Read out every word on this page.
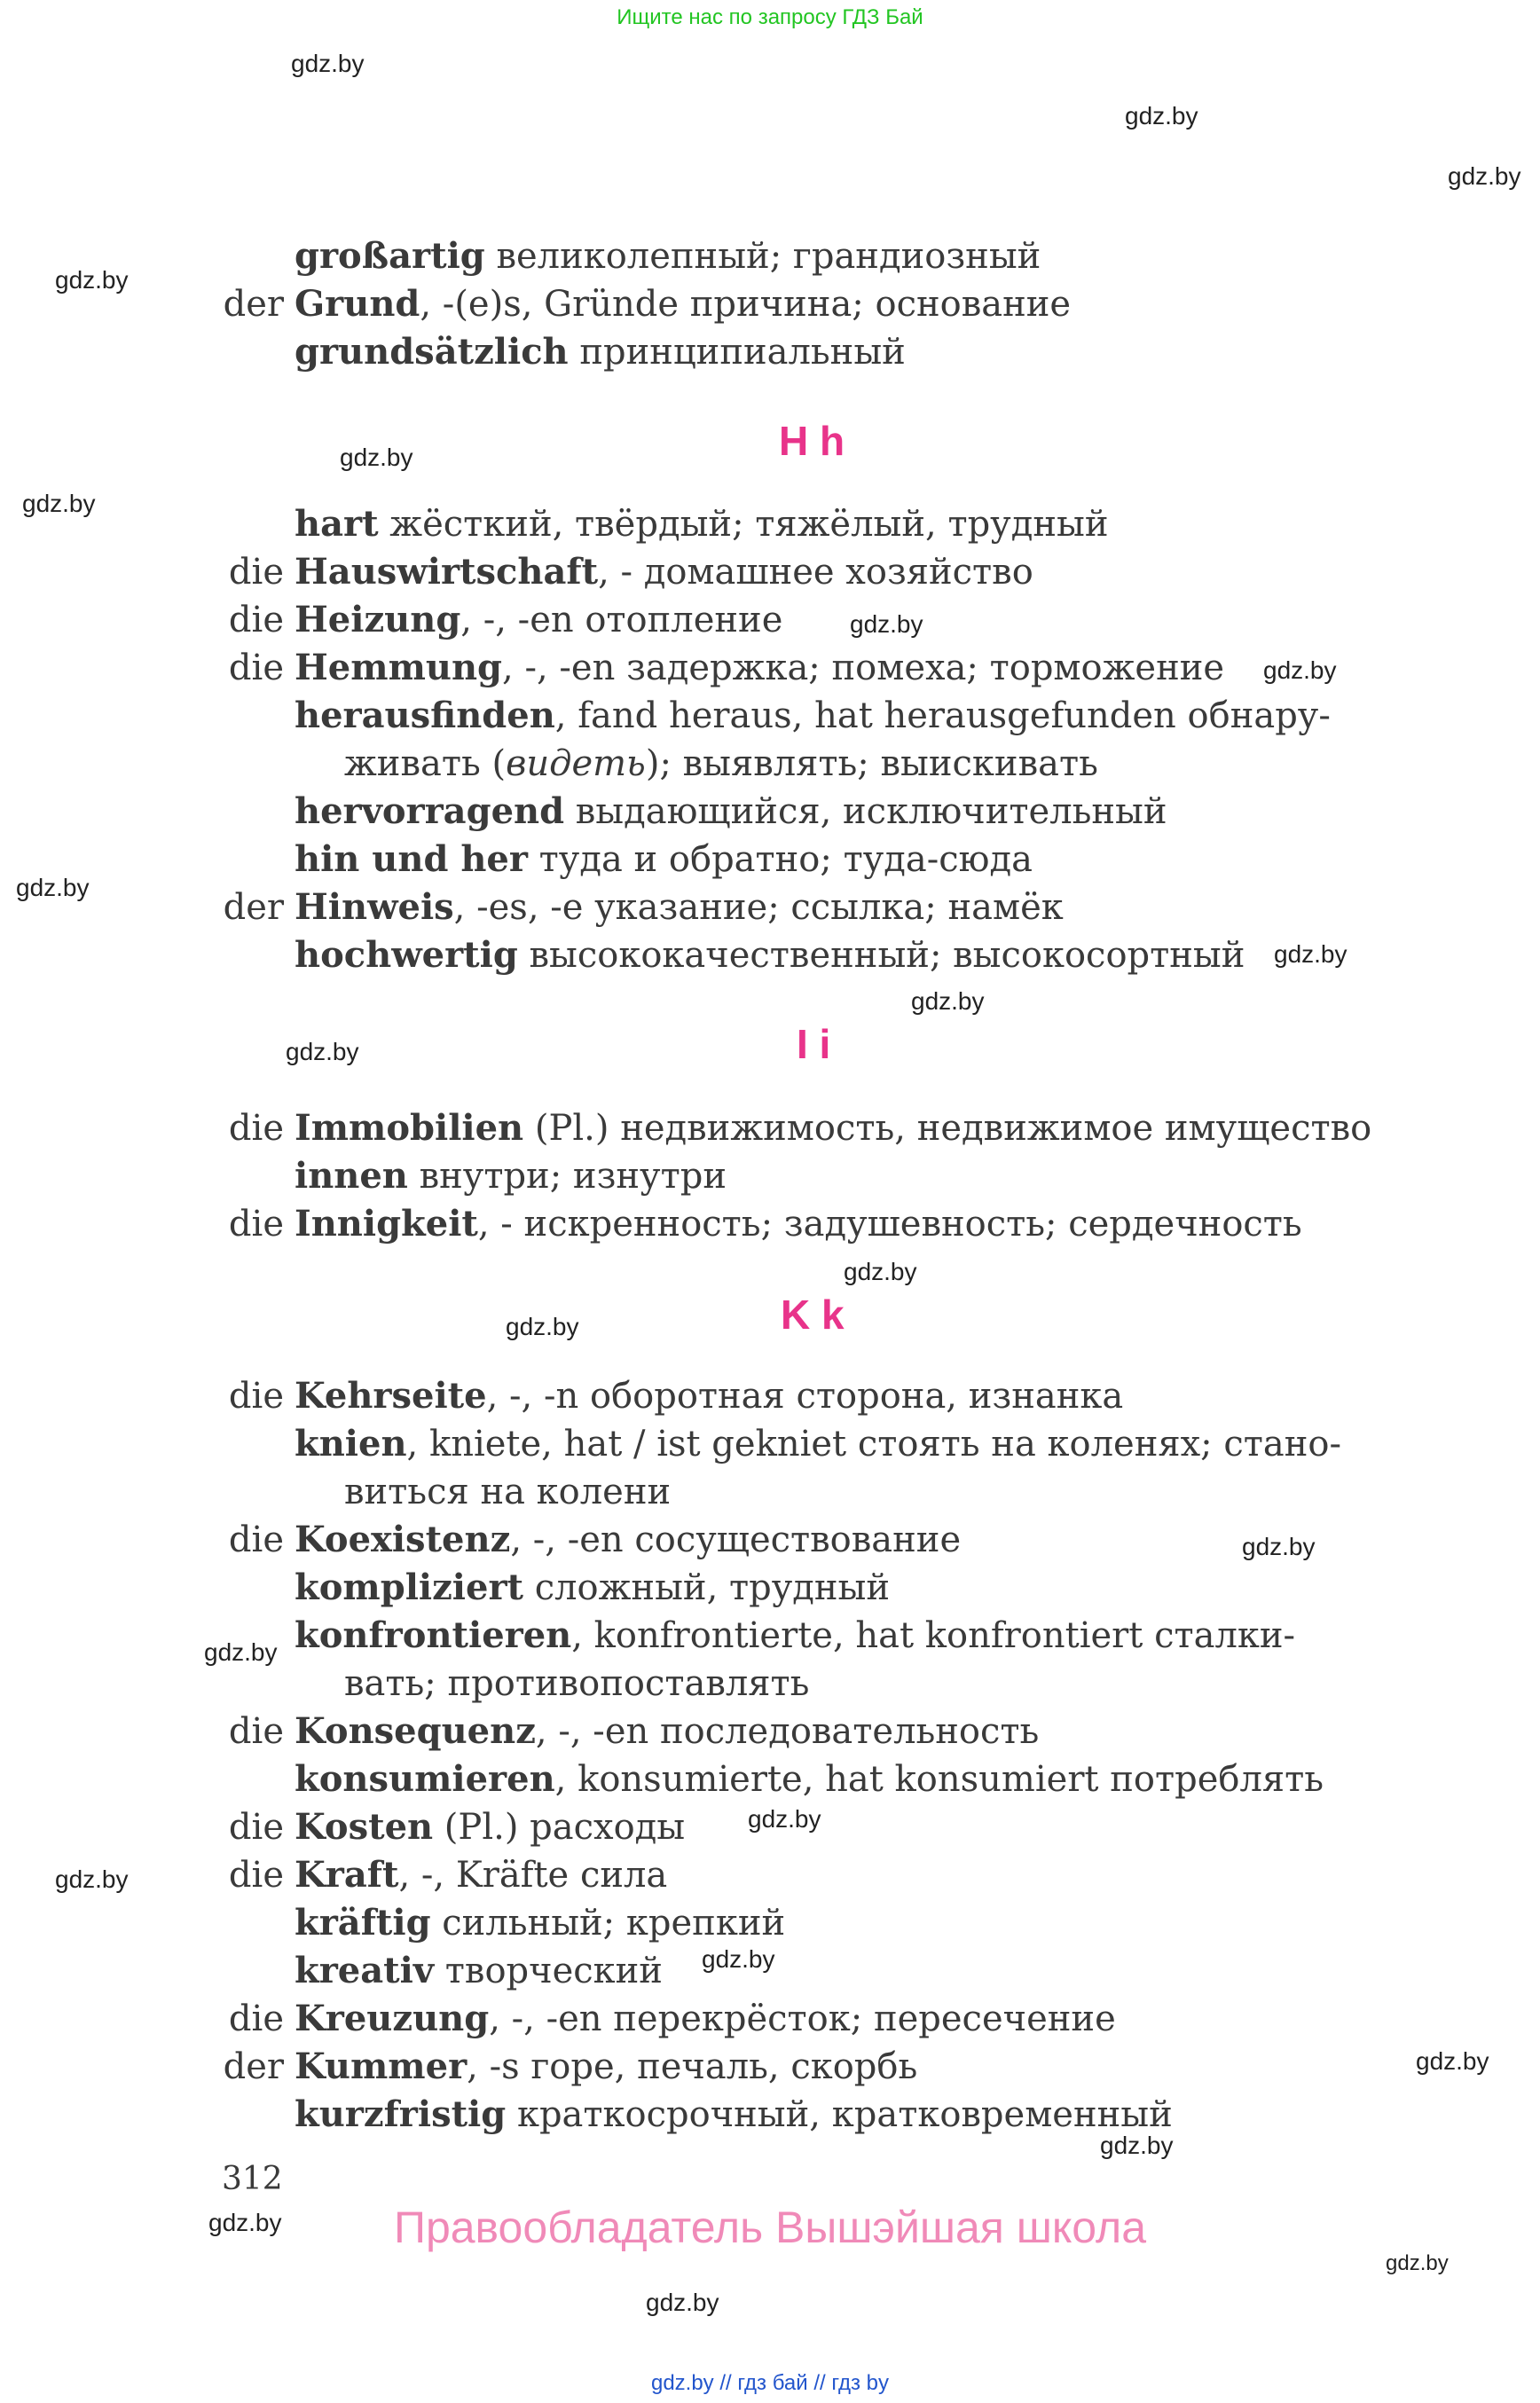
Ищите нас по запросу ГДЗ Бай
gdz.by
gdz.by
gdz.by
gdz.by
gdz.by
gdz.by
gdz.by
gdz.by
gdz.by
gdz.by
gdz.by
gdz.by
gdz.by
gdz.by
gdz.by
gdz.by
gdz.by
gdz.by
gdz.by
gdz.by
gdz.by
gdz.by
gdz.by
gdz.by
großartig великолепный; грандиозный
der Grund, -(e)s, Gründe причина; основание
grundsätzlich принципиальный
H h
hart жёсткий, твёрдый; тяжёлый, трудный
die Hauswirtschaft, - домашнее хозяйство
die Heizung, -, -en отопление
die Hemmung, -, -en задержка; помеха; торможение
herausfinden, fand heraus, hat herausgefunden обнару-
живать (видеть); выявлять; выискивать
hervorragend выдающийся, исключительный
hin und her туда и обратно; туда-сюда
der Hinweis, -es, -e указание; ссылка; намёк
hochwertig высококачественный; высокосортный
I i
die Immobilien (Pl.) недвижимость, недвижимое имущество
innen внутри; изнутри
die Innigkeit, - искренность; задушевность; сердечность
K k
die Kehrseite, -, -n оборотная сторона, изнанка
knien, kniete, hat / ist gekniet стоять на коленях; стано-
виться на колени
die Koexistenz, -, -en сосуществование
kompliziert сложный, трудный
konfrontieren, konfrontierte, hat konfrontiert сталки-
вать; противопоставлять
die Konsequenz, -, -en последовательность
konsumieren, konsumierte, hat konsumiert потреблять
die Kosten (Pl.) расходы
die Kraft, -, Kräfte сила
kräftig сильный; крепкий
kreativ творческий
die Kreuzung, -, -en перекрёсток; пересечение
der Kummer, -s горе, печаль, скорбь
kurzfristig краткосрочный, кратковременный
312
Правообладатель Вышэйшая школа
gdz.by // гдз бай // гдз by
